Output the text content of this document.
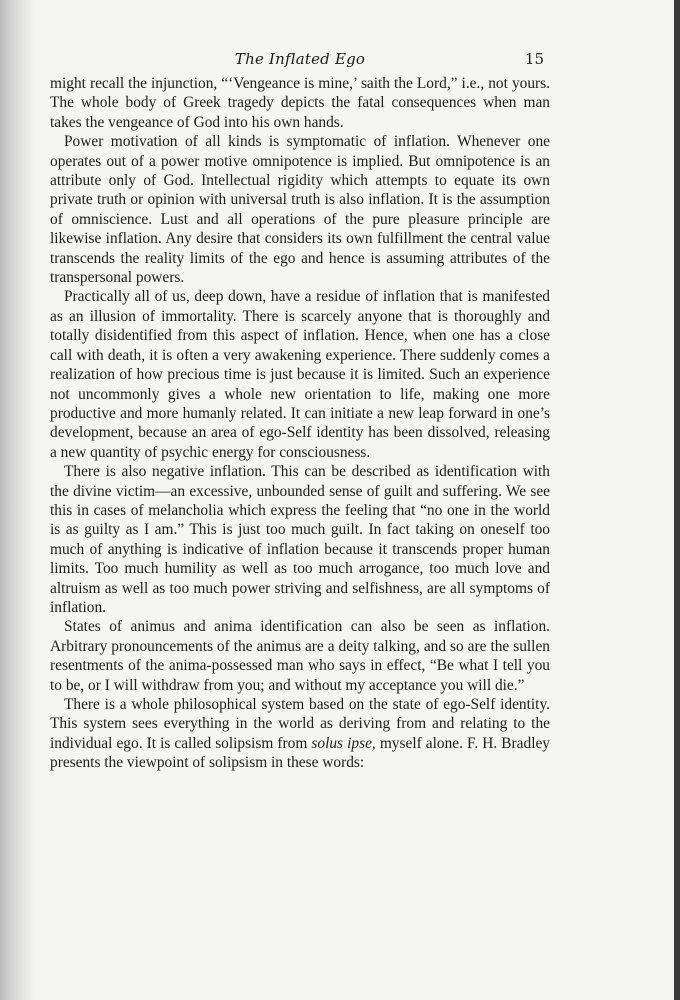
The Inflated Ego	15

might recall the injunction, “‘Vengeance is mine,’ saith the Lord,” i.e., not yours. The whole body of Greek tragedy depicts the fatal consequences when man takes the vengeance of God into his own hands.

Power motivation of all kinds is symptomatic of inflation. Whenever one operates out of a power motive omnipotence is implied. But omnipotence is an attribute only of God. Intellectual rigidity which attempts to equate its own private truth or opinion with universal truth is also inflation. It is the assumption of omniscience. Lust and all operations of the pure pleasure principle are likewise inflation. Any desire that considers its own fulfillment the central value transcends the reality limits of the ego and hence is assuming attributes of the transpersonal powers.

Practically all of us, deep down, have a residue of inflation that is manifested as an illusion of immortality. There is scarcely anyone that is thoroughly and totally disidentified from this aspect of inflation. Hence, when one has a close call with death, it is often a very awakening experience. There suddenly comes a realization of how precious time is just because it is limited. Such an experience not uncommonly gives a whole new orientation to life, making one more productive and more humanly related. It can initiate a new leap forward in one’s development, because an area of ego-Self identity has been dissolved, releasing a new quantity of psychic energy for consciousness.

There is also negative inflation. This can be described as identification with the divine victim—an excessive, unbounded sense of guilt and suffering. We see this in cases of melancholia which express the feeling that “no one in the world is as guilty as I am.” This is just too much guilt. In fact taking on oneself too much of anything is indicative of inflation because it transcends proper human limits. Too much humility as well as too much arrogance, too much love and altruism as well as too much power striving and selfishness, are all symptoms of inflation.

States of animus and anima identification can also be seen as inflation. Arbitrary pronouncements of the animus are a deity talking, and so are the sullen resentments of the anima-possessed man who says in effect, “Be what I tell you to be, or I will withdraw from you; and without my acceptance you will die.”

There is a whole philosophical system based on the state of ego-Self identity. This system sees everything in the world as deriving from and relating to the individual ego. It is called solipsism from solus ipse, myself alone. F. H. Bradley presents the viewpoint of solipsism in these words:
